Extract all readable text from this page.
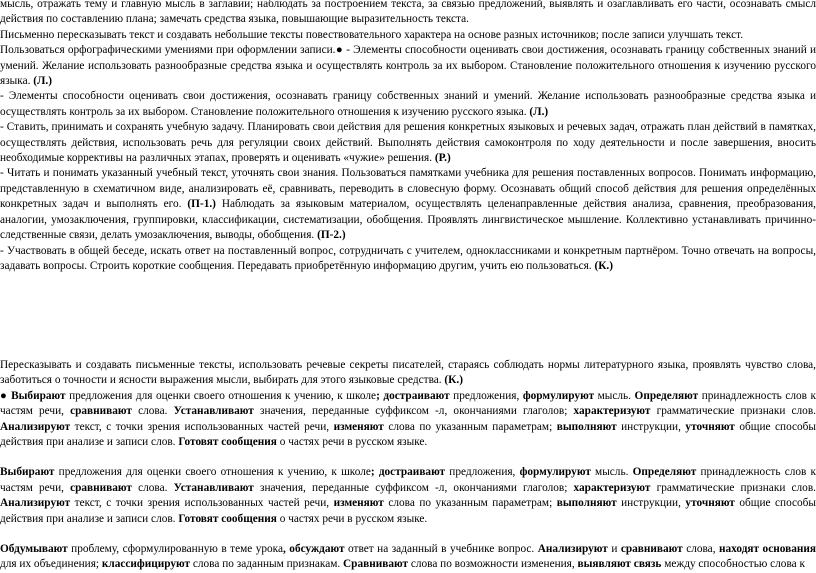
мысль, отражать тему и главную мысль в заглавии; наблюдать за построением текста, за связью предложений, выявлять и озаглавливать его части, осознавать смысл действия по составлению плана; замечать средства языка, повышающие выразительность текста.

Письменно пересказывать текст и создавать небольшие тексты повествовательного характера на основе разных источников; после записи улучшать текст.

Пользоваться орфографическими умениями при оформлении записи.● - Элементы способности оценивать свои достижения, осознавать границу собственных знаний и умений. Желание использовать разнообразные средства языка и осуществлять контроль за их выбором. Становление положительного отношения к изучению русского языка. (Л.)

- Элементы способности оценивать свои достижения, осознавать границу собственных знаний и умений. Желание использовать разнообразные средства языка и осуществлять контроль за их выбором. Становление положительного отношения к изучению русского языка. (Л.)

- Ставить, принимать и сохранять учебную задачу. Планировать свои действия для решения конкретных языковых и речевых задач, отражать план действий в памятках, осуществлять действия, использовать речь для регуляции своих действий. Выполнять действия самоконтроля по ходу деятельности и после завершения, вносить необходимые коррективы на различных этапах, проверять и оценивать «чужие» решения. (Р.)

- Читать и понимать указанный учебный текст, уточнять свои знания. Пользоваться памятками учебника для решения поставленных вопросов. Понимать информацию, представленную в схематичном виде, анализировать её, сравнивать, переводить в словесную форму. Осознавать общий способ действия для решения определённых конкретных задач и выполнять его. (П-1.) Наблюдать за языковым материалом, осуществлять целенаправленные действия анализа, сравнения, преобразования, аналогии, умозаключения, группировки, классификации, систематизации, обобщения. Проявлять лингвистическое мышление. Коллективно устанавливать причинно-следственные связи, делать умозаключения, выводы, обобщения. (П-2.)

- Участвовать в общей беседе, искать ответ на поставленный вопрос, сотрудничать с учителем, одноклассниками и конкретным партнёром. Точно отвечать на вопросы, задавать вопросы. Строить короткие сообщения. Передавать приобретённую информацию другим, учить ею пользоваться. (К.)

Пересказывать и создавать письменные тексты, использовать речевые секреты писателей, стараясь соблюдать нормы литературного языка, проявлять чувство слова, заботиться о точности и ясности выражения мысли, выбирать для этого языковые средства. (К.)

● Выбирают предложения для оценки своего отношения к учению, к школе; достраивают предложения, формулируют мысль. Определяют принадлежность слов к частям речи, сравнивают слова. Устанавливают значения, переданные суффиксом -л, окончаниями глаголов; характеризуют грамматические признаки слов. Анализируют текст, с точки зрения использованных частей речи, изменяют слова по указанным параметрам; выполняют инструкции, уточняют общие способы действия при анализе и записи слов. Готовят сообщения о частях речи в русском языке.

Выбирают предложения для оценки своего отношения к учению, к школе; достраивают предложения, формулируют мысль. Определяют принадлежность слов к частям речи, сравнивают слова. Устанавливают значения, переданные суффиксом -л, окончаниями глаголов; характеризуют грамматические признаки слов. Анализируют текст, с точки зрения использованных частей речи, изменяют слова по указанным параметрам; выполняют инструкции, уточняют общие способы действия при анализе и записи слов. Готовят сообщения о частях речи в русском языке.

Обдумывают проблему, сформулированную в теме урока, обсуждают ответ на заданный в учебнике вопрос. Анализируют и сравнивают слова, находят основания для их объединения; классифицируют слова по заданным признакам. Сравнивают слова по возможности изменения, выявляют связь между способностью слова к
